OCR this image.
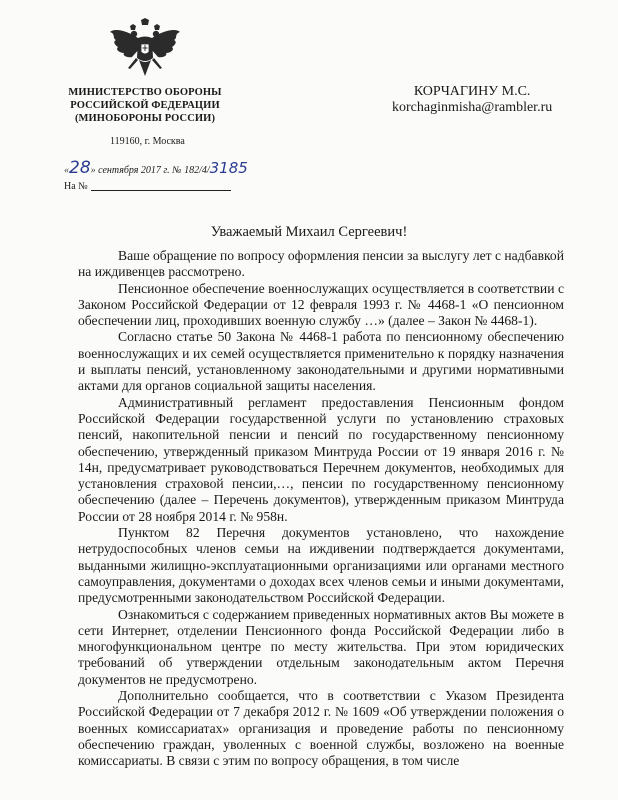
МИНИСТЕРСТВО ОБОРОНЫ
РОССИЙСКОЙ ФЕДЕРАЦИИ
(МИНОБОРОНЫ РОССИИ)
119160, г. Москва
«28» сентября 2017 г. № 182/4/3185
На №
КОРЧАГИНУ М.С.
korchaginmisha@rambler.ru
Уважаемый Михаил Сергеевич!

Ваше обращение по вопросу оформления пенсии за выслугу лет с надбавкой на иждивенцев рассмотрено.

Пенсионное обеспечение военнослужащих осуществляется в соответствии с Законом Российской Федерации от 12 февраля 1993 г. № 4468-1 «О пенсионном обеспечении лиц, проходивших военную службу …» (далее – Закон № 4468-1).

Согласно статье 50 Закона № 4468-1 работа по пенсионному обеспечению военнослужащих и их семей осуществляется применительно к порядку назначения и выплаты пенсий, установленному законодательными и другими нормативными актами для органов социальной защиты населения.

Административный регламент предоставления Пенсионным фондом Российской Федерации государственной услуги по установлению страховых пенсий, накопительной пенсии и пенсий по государственному пенсионному обеспечению, утвержденный приказом Минтруда России от 19 января 2016 г. № 14н, предусматривает руководствоваться Перечнем документов, необходимых для установления страховой пенсии,…, пенсии по государственному пенсионному обеспечению (далее – Перечень документов), утвержденным приказом Минтруда России от 28 ноября 2014 г. № 958н.

Пунктом 82 Перечня документов установлено, что нахождение нетрудоспособных членов семьи на иждивении подтверждается документами, выданными жилищно-эксплуатационными организациями или органами местного самоуправления, документами о доходах всех членов семьи и иными документами, предусмотренными законодательством Российской Федерации.

Ознакомиться с содержанием приведенных нормативных актов Вы можете в сети Интернет, отделении Пенсионного фонда Российской Федерации либо в многофункциональном центре по месту жительства. При этом юридических требований об утверждении отдельным законодательным актом Перечня документов не предусмотрено.

Дополнительно сообщается, что в соответствии с Указом Президента Российской Федерации от 7 декабря 2012 г. № 1609 «Об утверждении положения о военных комиссариатах» организация и проведение работы по пенсионному обеспечению граждан, уволенных с военной службы, возложено на военные комиссариаты. В связи с этим по вопросу обращения, в том числе
